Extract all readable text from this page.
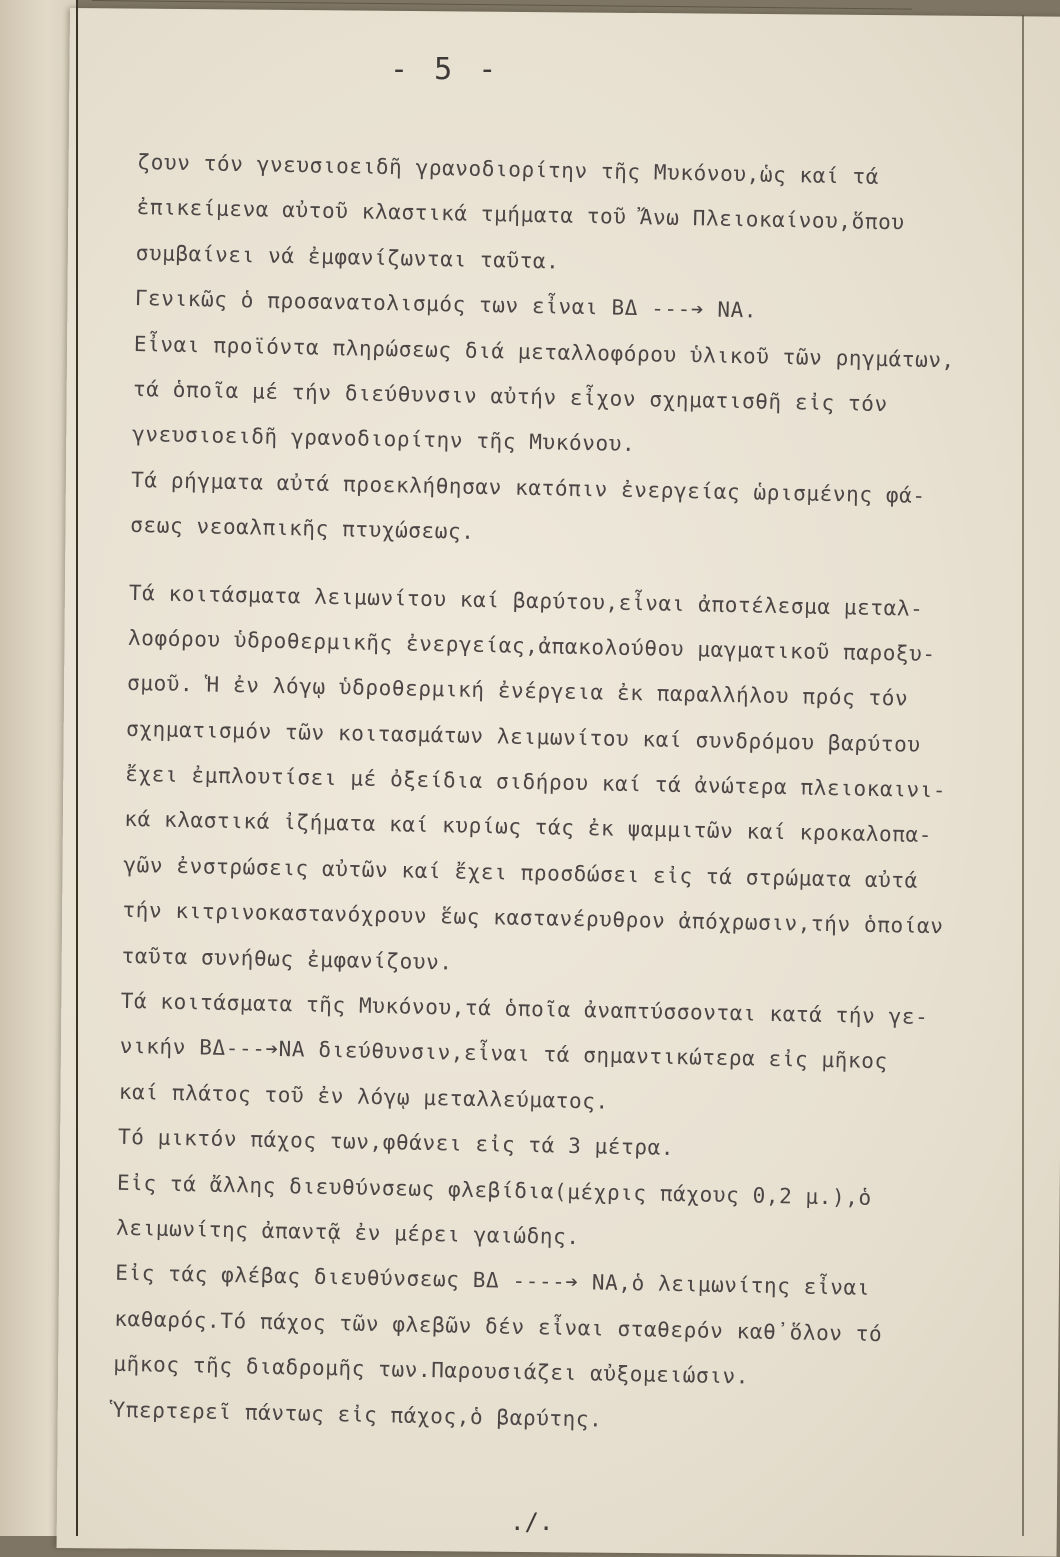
- 5 -
ζουν τόν γνευσιοειδῆ γρανοδιορίτην τῆς Μυκόνου,ὡς καί τά
ἐπικείμενα αὐτοῦ κλαστικά τμήματα τοῦ Ἄνω Πλειοκαίνου,ὅπου
συμβαίνει νά ἐμφανίζωνται ταῦτα.
Γενικῶς ὁ προσανατολισμός των εἶναι ΒΔ ---➔ ΝΑ.
Εἶναι προϊόντα πληρώσεως διά μεταλλοφόρου ὑλικοῦ τῶν ρηγμάτων,
τά ὁποῖα μέ τήν διεύθυνσιν αὐτήν εἶχον σχηματισθῆ εἰς τόν
γνευσιοειδῆ γρανοδιορίτην τῆς Μυκόνου.
Τά ρήγματα αὐτά προεκλήθησαν κατόπιν ἐνεργείας ὡρισμένης φά-
σεως νεοαλπικῆς πτυχώσεως.
Τά κοιτάσματα λειμωνίτου καί βαρύτου,εἶναι ἀποτέλεσμα μεταλ-
λοφόρου ὑδροθερμικῆς ἐνεργείας,ἀπακολούθου μαγματικοῦ παροξυ-
σμοῦ. Ἡ ἐν λόγῳ ὑδροθερμική ἐνέργεια ἐκ παραλλήλου πρός τόν
σχηματισμόν τῶν κοιτασμάτων λειμωνίτου καί συνδρόμου βαρύτου
ἔχει ἐμπλουτίσει μέ ὀξείδια σιδήρου καί τά ἀνώτερα πλειοκαινι-
κά κλαστικά ἰζήματα καί κυρίως τάς ἐκ ψαμμιτῶν καί κροκαλοπα-
γῶν ἐνστρώσεις αὐτῶν καί ἔχει προσδώσει εἰς τά στρώματα αὐτά
τήν κιτρινοκαστανόχρουν ἕως καστανέρυθρον ἀπόχρωσιν,τήν ὁποίαν
ταῦτα συνήθως ἐμφανίζουν.
Τά κοιτάσματα τῆς Μυκόνου,τά ὁποῖα ἀναπτύσσονται κατά τήν γε-
νικήν ΒΔ---➔ΝΑ διεύθυνσιν,εἶναι τά σημαντικώτερα εἰς μῆκος
καί πλάτος τοῦ ἐν λόγῳ μεταλλεύματος.
Τό μικτόν πάχος των,φθάνει εἰς τά 3 μέτρα.
Εἰς τά ἄλλης διευθύνσεως φλεβίδια(μέχρις πάχους 0,2 μ.),ὁ
λειμωνίτης ἀπαντᾷ ἐν μέρει γαιώδης.
Εἰς τάς φλέβας διευθύνσεως ΒΔ ----➔ ΝΑ,ὁ λειμωνίτης εἶναι
καθαρός.Τό πάχος τῶν φλεβῶν δέν εἶναι σταθερόν καθ᾽ὅλον τό
μῆκος τῆς διαδρομῆς των.Παρουσιάζει αὐξομειώσιν.
Ὑπερτερεῖ πάντως εἰς πάχος,ὁ βαρύτης.
./.
